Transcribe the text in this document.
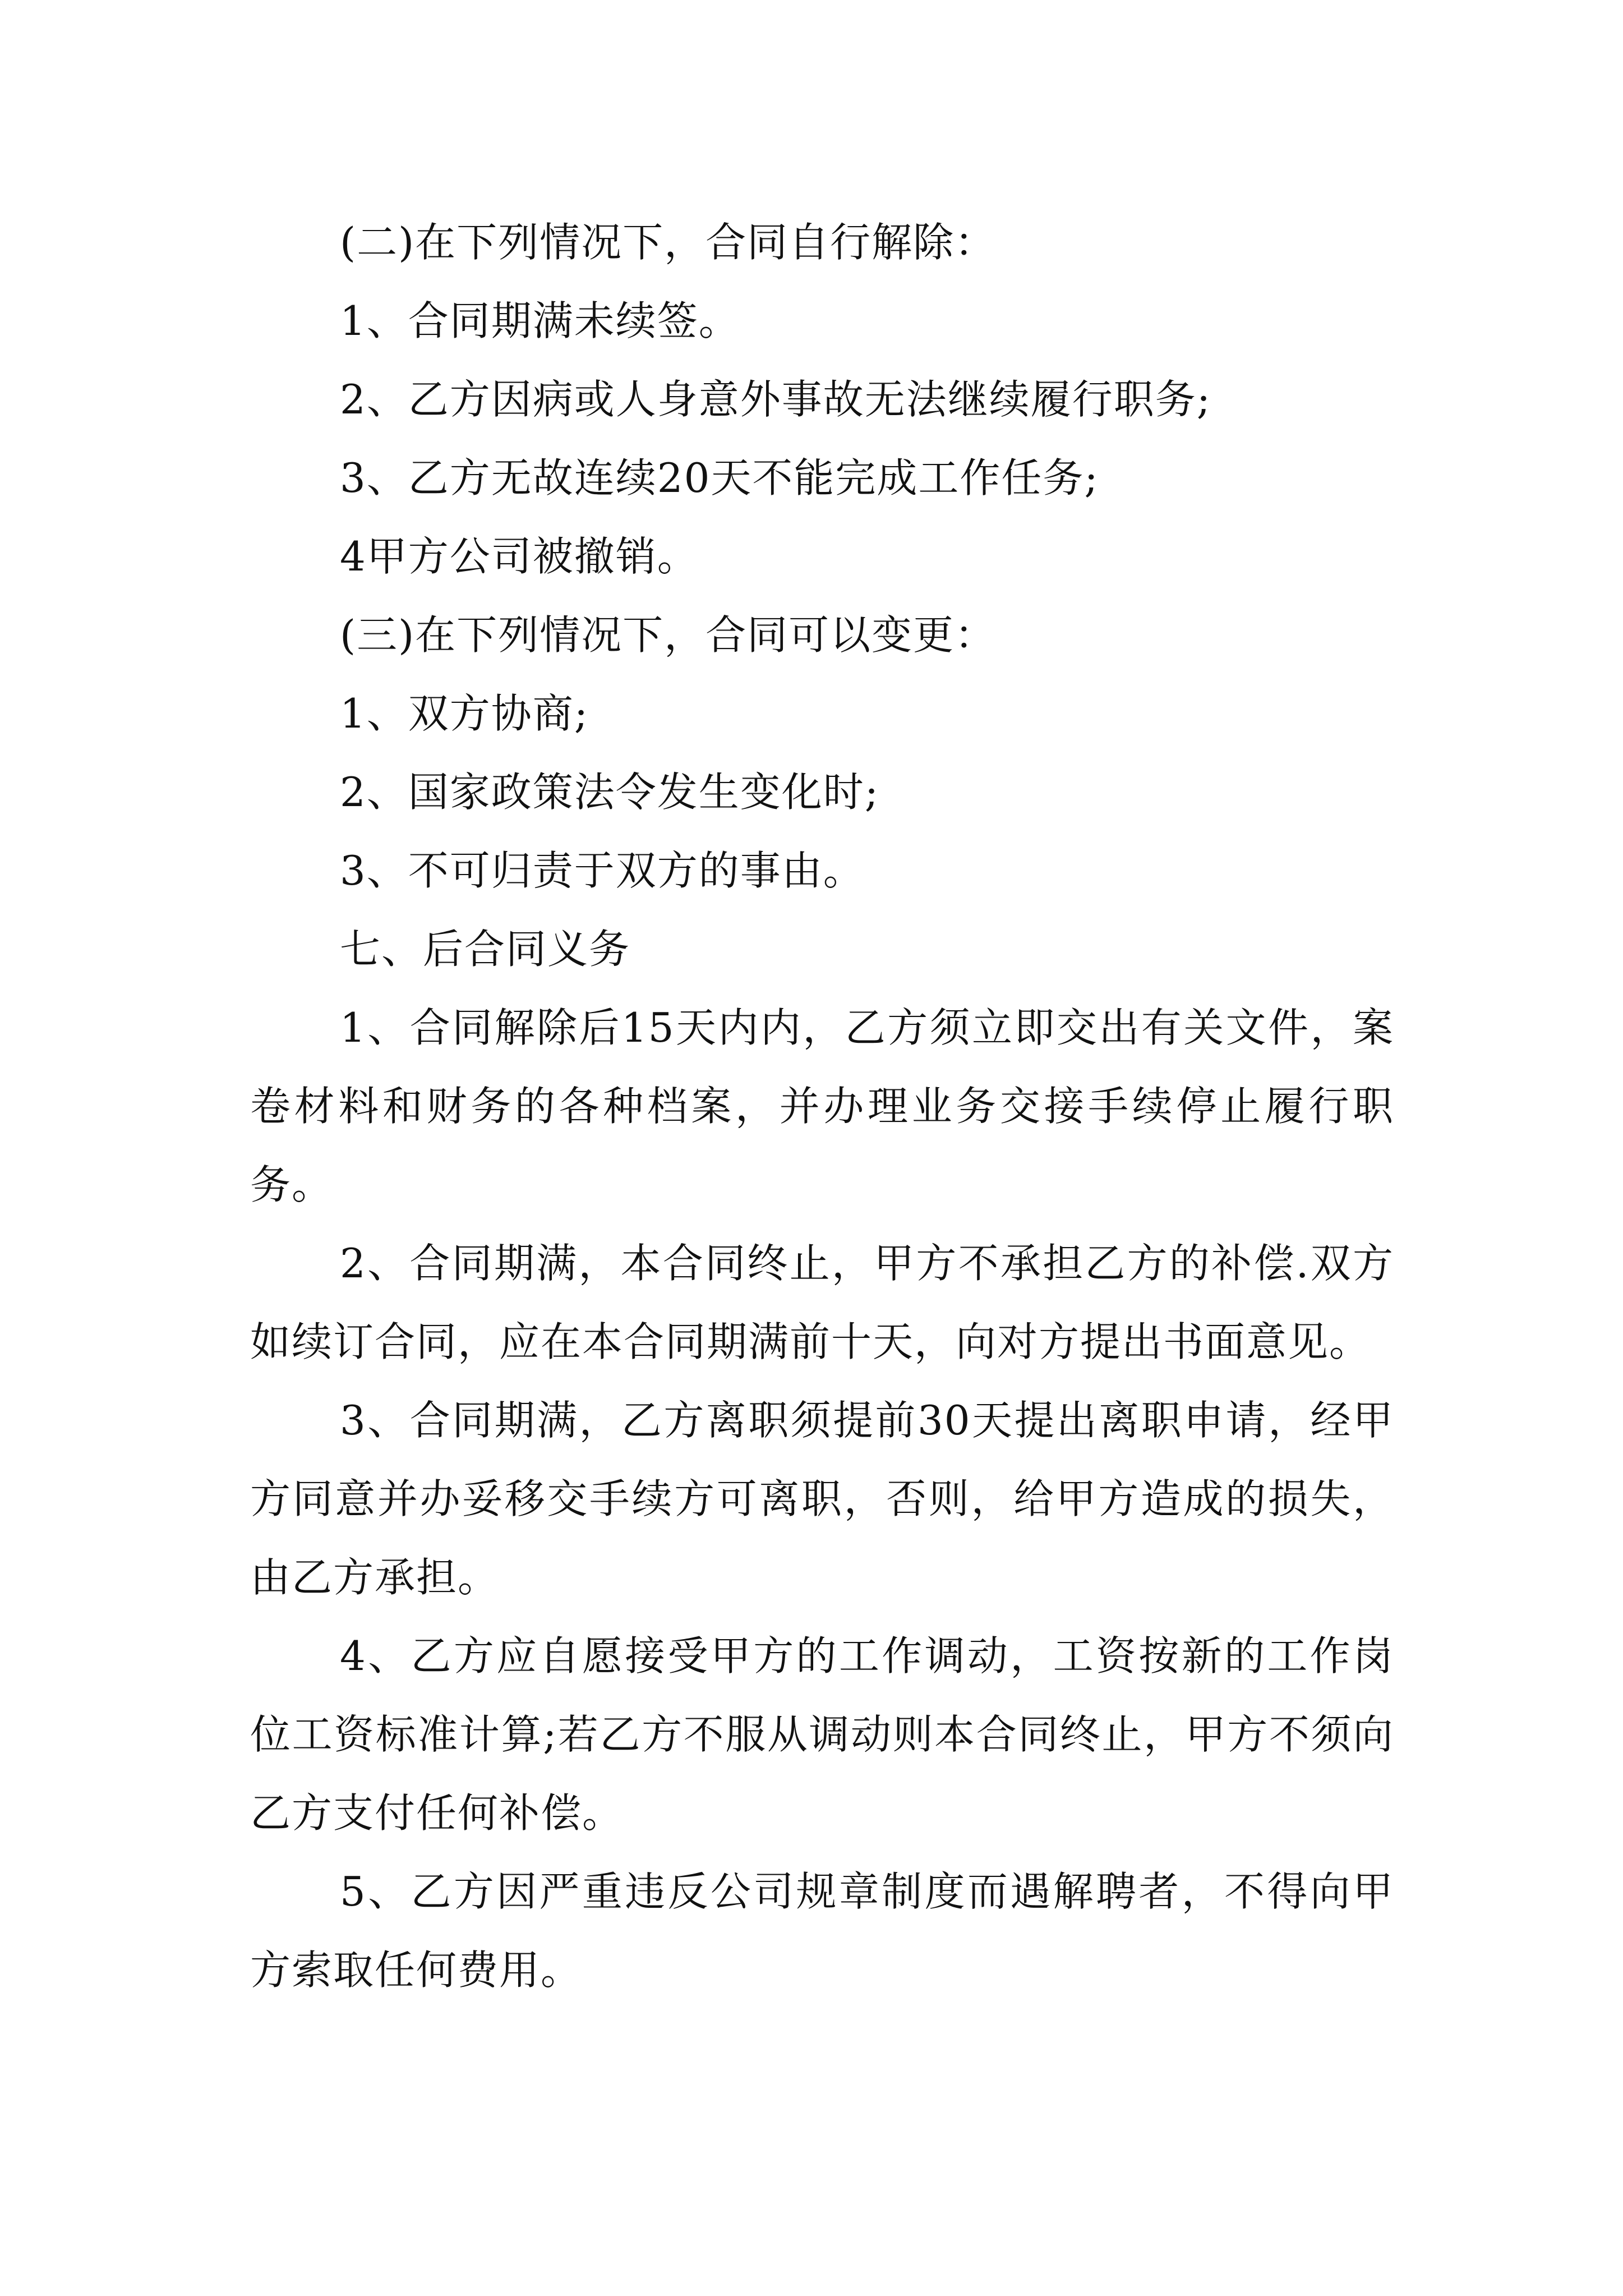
(二)在下列情况下，合同自行解除：
1、合同期满未续签。
2、乙方因病或人身意外事故无法继续履行职务;
3、乙方无故连续20天不能完成工作任务;
4甲方公司被撤销。
(三)在下列情况下，合同可以变更：
1、双方协商;
2、国家政策法令发生变化时;
3、不可归责于双方的事由。
七、后合同义务

1、合同解除后15天内内，乙方须立即交出有关文件，案卷材料和财务的各种档案，并办理业务交接手续停止履行职务。

2、合同期满，本合同终止，甲方不承担乙方的补偿.双方如续订合同，应在本合同期满前十天，向对方提出书面意见。

3、合同期满，乙方离职须提前30天提出离职申请，经甲方同意并办妥移交手续方可离职，否则，给甲方造成的损失，由乙方承担。

4、乙方应自愿接受甲方的工作调动，工资按新的工作岗位工资标准计算;若乙方不服从调动则本合同终止，甲方不须向乙方支付任何补偿。

5、乙方因严重违反公司规章制度而遇解聘者，不得向甲方索取任何费用。
